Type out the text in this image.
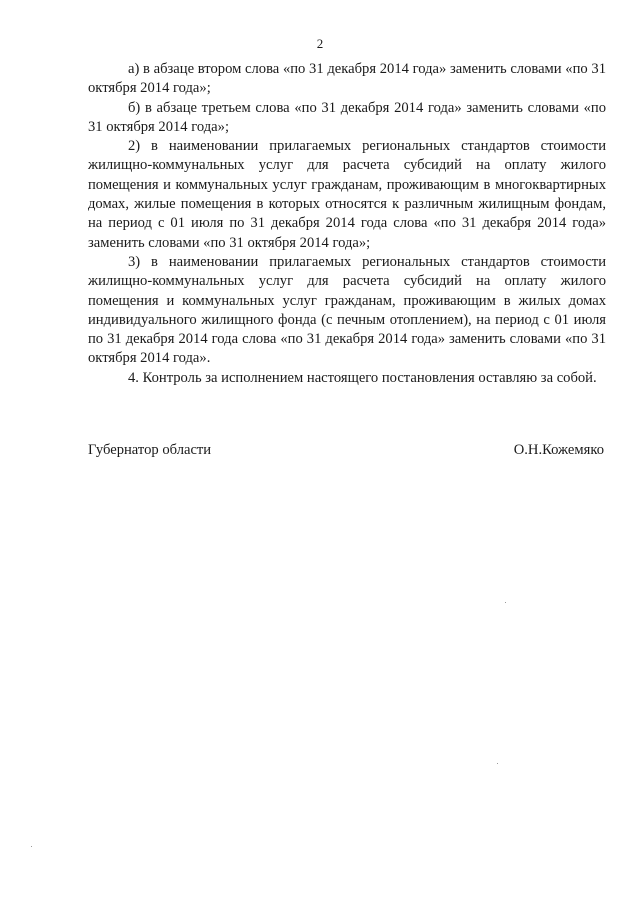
2

а) в абзаце втором слова «по 31 декабря 2014 года» заменить словами «по 31 октября 2014 года»;

б) в абзаце третьем слова «по 31 декабря 2014 года» заменить словами «по 31 октября 2014 года»;

2) в наименовании прилагаемых региональных стандартов стоимости жилищно-коммунальных услуг для расчета субсидий на оплату жилого помещения и коммунальных услуг гражданам, проживающим в многоквартирных домах, жилые помещения в которых относятся к различным жилищным фондам, на период с 01 июля по 31 декабря 2014 года слова «по 31 декабря 2014 года» заменить словами «по 31 октября 2014 года»;

3) в наименовании прилагаемых региональных стандартов стоимости жилищно-коммунальных услуг для расчета субсидий на оплату жилого помещения и коммунальных услуг гражданам, проживающим в жилых домах индивидуального жилищного фонда (с печным отоплением), на период с 01 июля по 31 декабря 2014 года слова «по 31 декабря 2014 года» заменить словами «по 31 октября 2014 года».

4. Контроль за исполнением настоящего постановления оставляю за собой.

Губернатор области	О.Н.Кожемяко
